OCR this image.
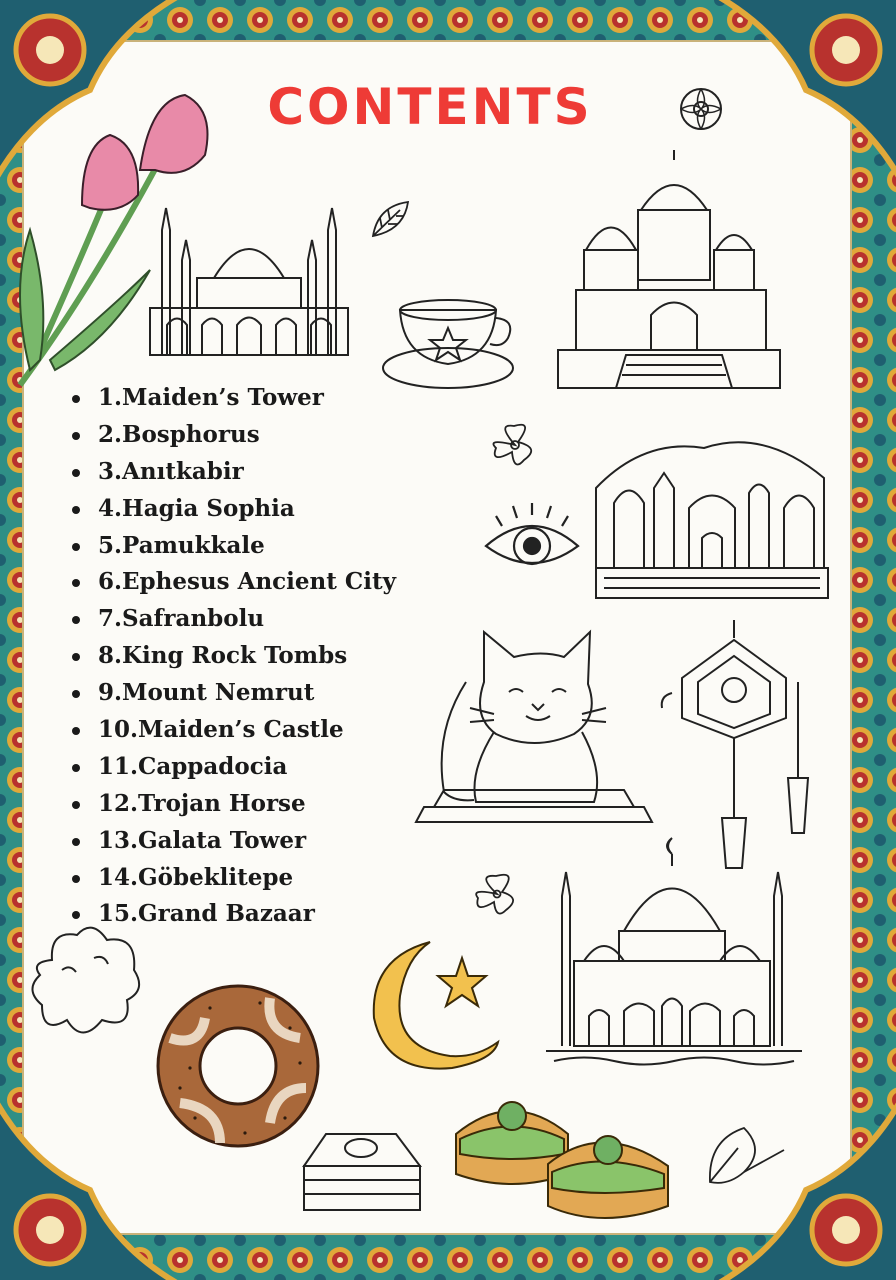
CONTENTS
1.Maiden’s Tower
2.Bosphorus
3.Anıtkabir
4.Hagia Sophia
5.Pamukkale
6.Ephesus Ancient City
7.Safranbolu
8.King Rock Tombs
9.Mount Nemrut
10.Maiden’s Castle
11.Cappadocia
12.Trojan Horse
13.Galata Tower
14.Göbeklitepe
15.Grand Bazaar
